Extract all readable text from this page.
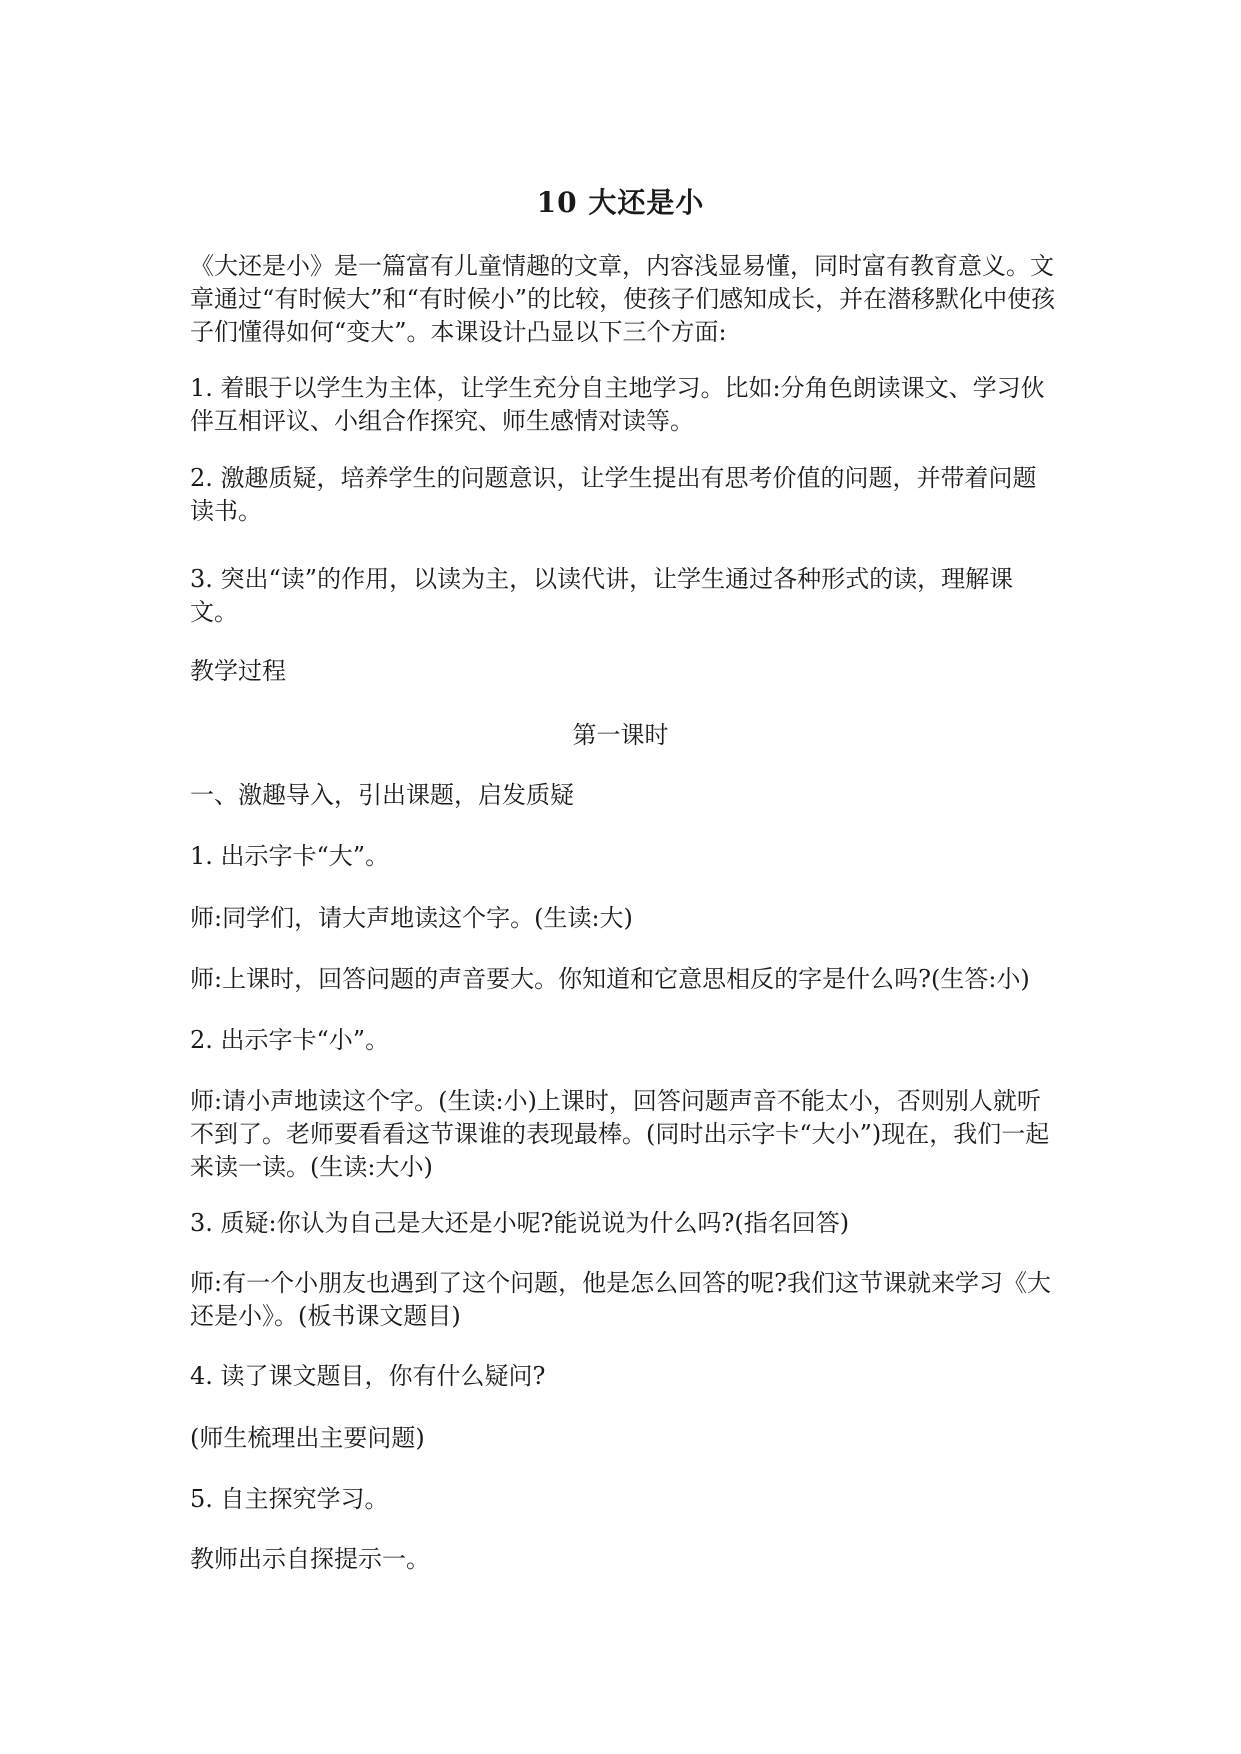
10 大还是小

《大还是小》是一篇富有儿童情趣的文章，内容浅显易懂，同时富有教育意义。文章通过“有时候大”和“有时候小”的比较，使孩子们感知成长，并在潜移默化中使孩子们懂得如何“变大”。本课设计凸显以下三个方面:

1. 着眼于以学生为主体，让学生充分自主地学习。比如:分角色朗读课文、学习伙伴互相评议、小组合作探究、师生感情对读等。

2. 激趣质疑，培养学生的问题意识，让学生提出有思考价值的问题，并带着问题读书。

3. 突出“读”的作用，以读为主，以读代讲，让学生通过各种形式的读，理解课文。

教学过程

第一课时

一、激趣导入，引出课题，启发质疑

1. 出示字卡“大”。

师:同学们，请大声地读这个字。(生读:大)

师:上课时，回答问题的声音要大。你知道和它意思相反的字是什么吗?(生答:小)

2. 出示字卡“小”。

师:请小声地读这个字。(生读:小)上课时，回答问题声音不能太小，否则别人就听不到了。老师要看看这节课谁的表现最棒。(同时出示字卡“大小”)现在，我们一起来读一读。(生读:大小)

3. 质疑:你认为自己是大还是小呢?能说说为什么吗?(指名回答)

师:有一个小朋友也遇到了这个问题，他是怎么回答的呢?我们这节课就来学习《大还是小》。(板书课文题目)

4. 读了课文题目，你有什么疑问?

(师生梳理出主要问题)

5. 自主探究学习。

教师出示自探提示一。
